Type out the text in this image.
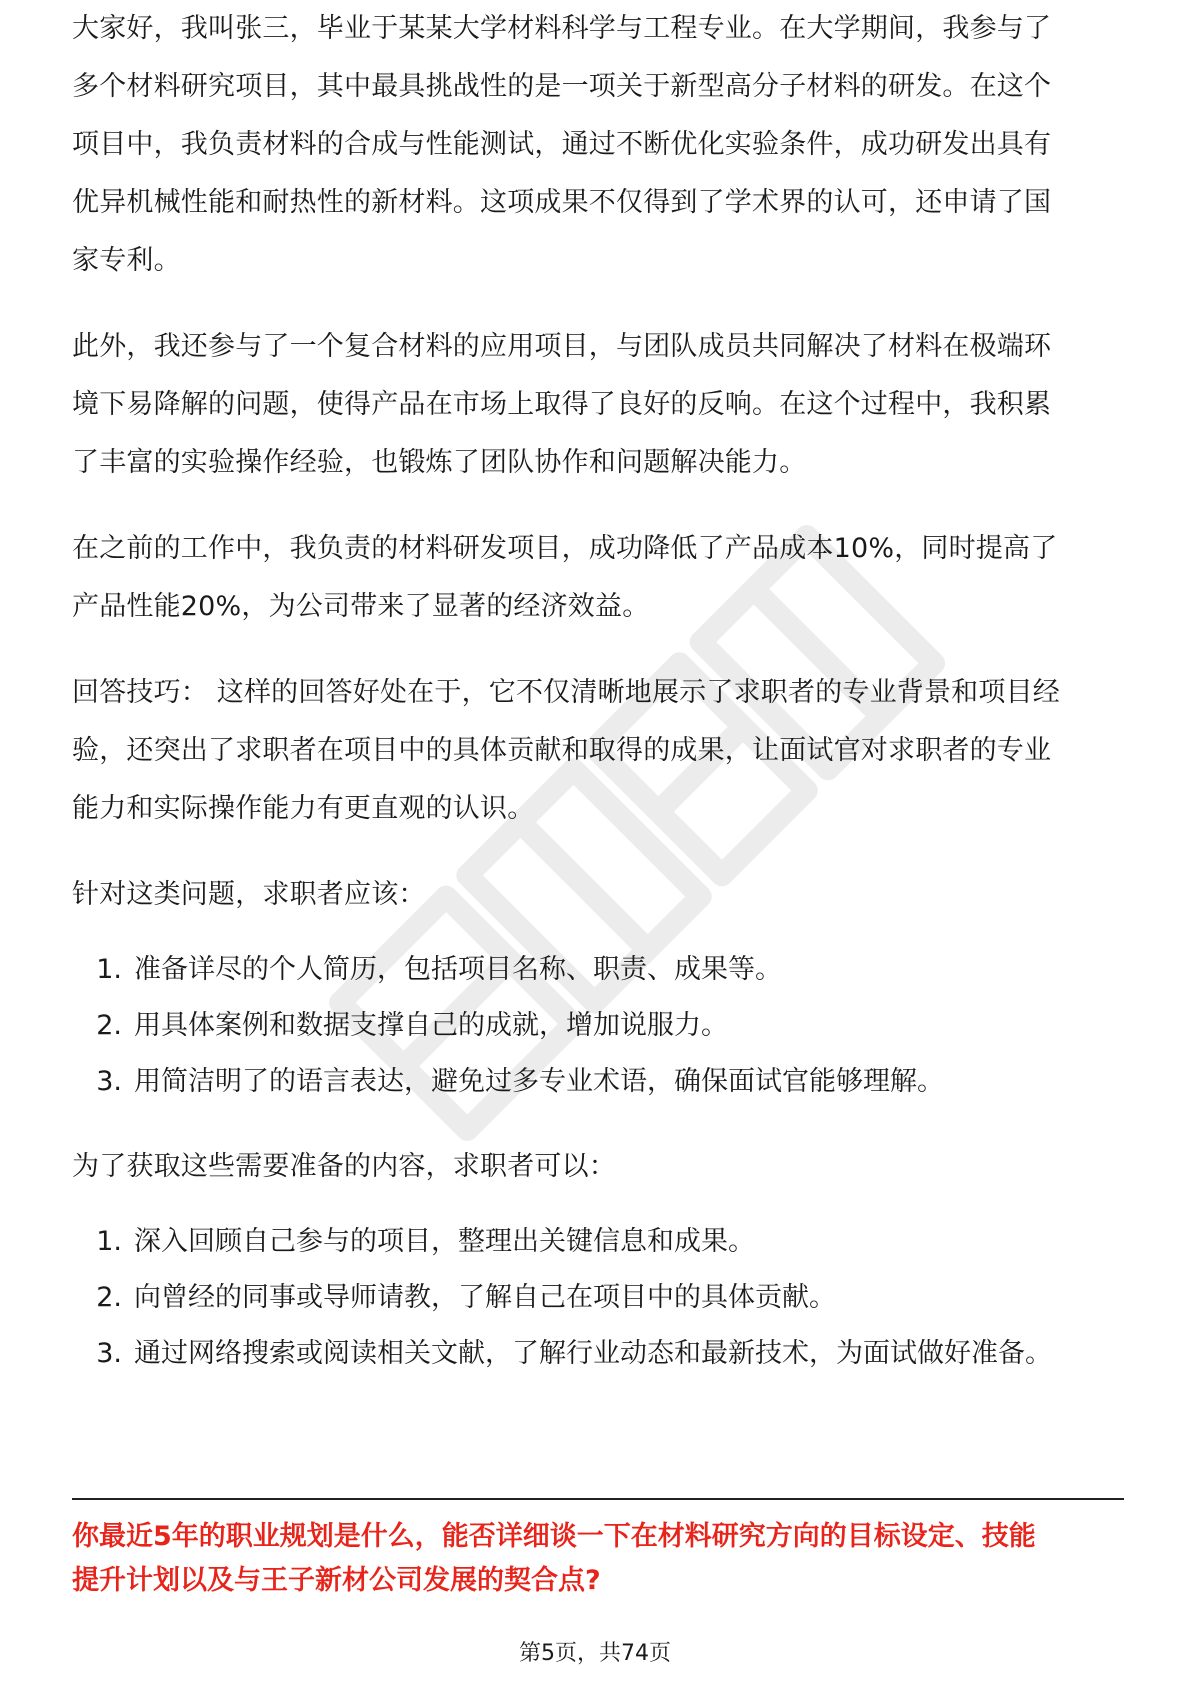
大家好，我叫张三，毕业于某某大学材料科学与工程专业。在大学期间，我参与了

多个材料研究项目，其中最具挑战性的是一项关于新型高分子材料的研发。在这个
项目中，我负责材料的合成与性能测试，通过不断优化实验条件，成功研发出具有
优异机械性能和耐热性的新材料。这项成果不仅得到了学术界的认可，还申请了国
家专利。

此外，我还参与了一个复合材料的应用项目，与团队成员共同解决了材料在极端环
境下易降解的问题，使得产品在市场上取得了良好的反响。在这个过程中，我积累
了丰富的实验操作经验，也锻炼了团队协作和问题解决能力。

在之前的工作中，我负责的材料研发项目，成功降低了产品成本10%，同时提高了
产品性能20%，为公司带来了显著的经济效益。

回答技巧： 这样的回答好处在于，它不仅清晰地展示了求职者的专业背景和项目经
验，还突出了求职者在项目中的具体贡献和取得的成果，让面试官对求职者的专业
能力和实际操作能力有更直观的认识。

针对这类问题，求职者应该：

1. 准备详尽的个人简历，包括项目名称、职责、成果等。
2. 用具体案例和数据支撑自己的成就，增加说服力。
3. 用简洁明了的语言表达，避免过多专业术语，确保面试官能够理解。

为了获取这些需要准备的内容，求职者可以：

1. 深入回顾自己参与的项目，整理出关键信息和成果。
2. 向曾经的同事或导师请教，了解自己在项目中的具体贡献。
3. 通过网络搜索或阅读相关文献，了解行业动态和最新技术，为面试做好准备。

你最近5年的职业规划是什么，能否详细谈一下在材料研究方向的目标设定、技能
提升计划以及与王子新材公司发展的契合点?

第5页，共74页
